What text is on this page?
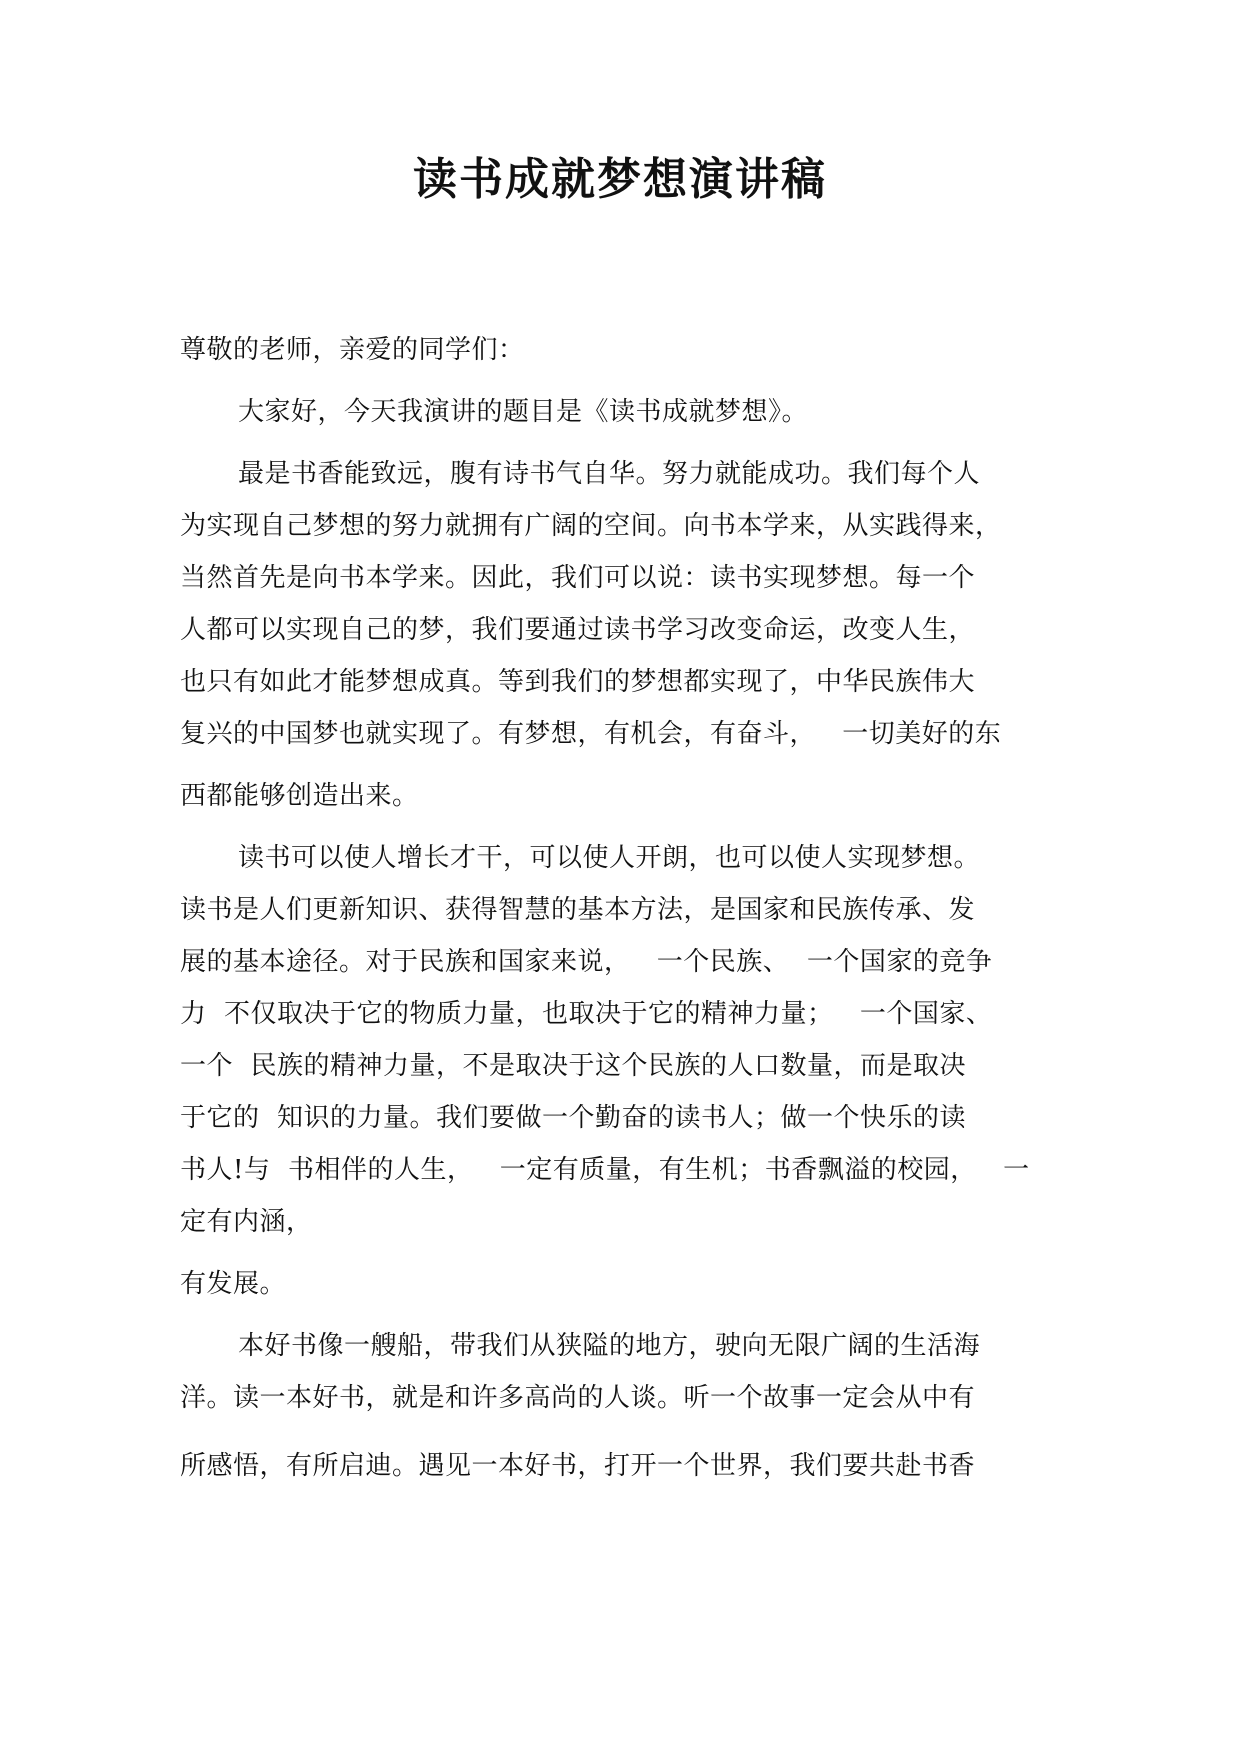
读书成就梦想演讲稿
尊敬的老师，亲爱的同学们：
大家好，今天我演讲的题目是《读书成就梦想》。
最是书香能致远，腹有诗书气自华。努力就能成功。我们每个人
为实现自己梦想的努力就拥有广阔的空间。向书本学来，从实践得来，
当然首先是向书本学来。因此，我们可以说：读书实现梦想。每一个
人都可以实现自己的梦，我们要通过读书学习改变命运，改变人生，
也只有如此才能梦想成真。等到我们的梦想都实现了，中华民族伟大
复兴的中国梦也就实现了。有梦想，有机会，有奋斗，   一切美好的东
西都能够创造出来。
读书可以使人增长才干，可以使人开朗，也可以使人实现梦想。
读书是人们更新知识、获得智慧的基本方法，是国家和民族传承、发
展的基本途径。对于民族和国家来说，   一个民族、  一个国家的竞争
力  不仅取决于它的物质力量，也取决于它的精神力量；   一个国家、
一个  民族的精神力量，不是取决于这个民族的人口数量，而是取决
于它的  知识的力量。我们要做一个勤奋的读书人；做一个快乐的读
书人!与  书相伴的人生，   一定有质量，有生机；书香飘溢的校园，   一
定有内涵，
有发展。
本好书像一艘船，带我们从狭隘的地方，驶向无限广阔的生活海
洋。读一本好书，就是和许多高尚的人谈。听一个故事一定会从中有
所感悟，有所启迪。遇见一本好书，打开一个世界，我们要共赴书香
